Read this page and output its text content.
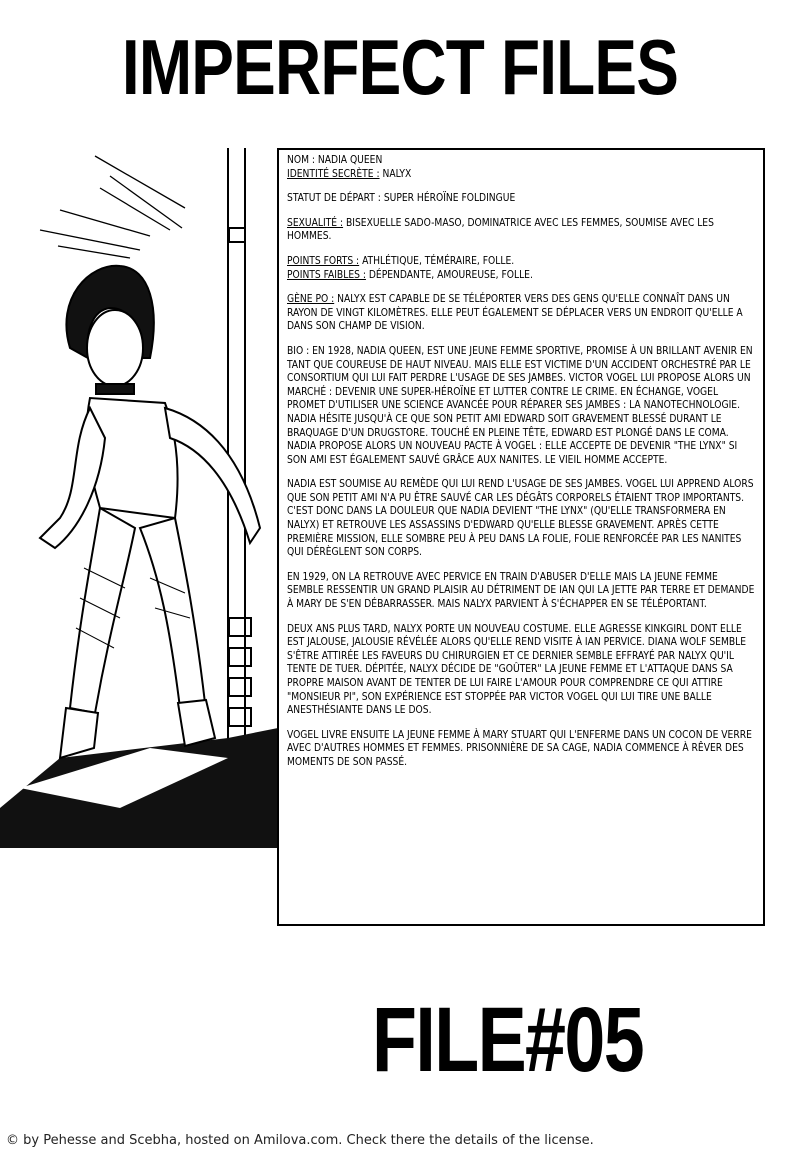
IMPERFECT FILES

NOM : NADIA QUEEN

IDENTITÉ SECRÈTE : NALYX

STATUT DE DÉPART : SUPER HÉROÏNE FOLDINGUE

SEXUALITÉ : BISEXUELLE SADO-MASO, DOMINATRICE AVEC LES FEMMES, SOUMISE AVEC LES HOMMES.

POINTS FORTS : ATHLÉTIQUE, TÉMÉRAIRE, FOLLE.

POINTS FAIBLES : DÉPENDANTE, AMOUREUSE, FOLLE.

GÈNE PO : NALYX EST CAPABLE DE SE TÉLÉPORTER VERS DES GENS QU'ELLE CONNAÎT DANS UN RAYON DE VINGT KILOMÈTRES. ELLE PEUT ÉGALEMENT SE DÉPLACER VERS UN ENDROIT QU'ELLE A DANS SON CHAMP DE VISION.

BIO : EN 1928, NADIA QUEEN, EST UNE JEUNE FEMME SPORTIVE, PROMISE À UN BRILLANT AVENIR EN TANT QUE COUREUSE DE HAUT NIVEAU. MAIS ELLE EST VICTIME D'UN ACCIDENT ORCHESTRÉ PAR LE CONSORTIUM QUI LUI FAIT PERDRE L'USAGE DE SES JAMBES. VICTOR VOGEL LUI PROPOSE ALORS UN MARCHÉ : DEVENIR UNE SUPER-HÉROÏNE ET LUTTER CONTRE LE CRIME. EN ÉCHANGE, VOGEL PROMET D'UTILISER UNE SCIENCE AVANCÉE POUR RÉPARER SES JAMBES : LA NANOTECHNOLOGIE. NADIA HÉSITE JUSQU'À CE QUE SON PETIT AMI EDWARD SOIT GRAVEMENT BLESSÉ DURANT LE BRAQUAGE D'UN DRUGSTORE. TOUCHÉ EN PLEINE TÊTE, EDWARD EST PLONGÉ DANS LE COMA. NADIA PROPOSE ALORS UN NOUVEAU PACTE À VOGEL : ELLE ACCEPTE DE DEVENIR "THE LYNX" SI SON AMI EST ÉGALEMENT SAUVÉ GRÂCE AUX NANITES. LE VIEIL HOMME ACCEPTE.

NADIA EST SOUMISE AU REMÈDE QUI LUI REND L'USAGE DE SES JAMBES. VOGEL LUI APPREND ALORS QUE SON PETIT AMI N'A PU ÊTRE SAUVÉ CAR LES DÉGÂTS CORPORELS ÉTAIENT TROP IMPORTANTS. C'EST DONC DANS LA DOULEUR QUE NADIA DEVIENT "THE LYNX" (QU'ELLE TRANSFORMERA EN NALYX) ET RETROUVE LES ASSASSINS D'EDWARD QU'ELLE BLESSE GRAVEMENT. APRÈS CETTE PREMIÈRE MISSION, ELLE SOMBRE PEU À PEU DANS LA FOLIE, FOLIE RENFORCÉE PAR LES NANITES QUI DÉRÈGLENT SON CORPS.

EN 1929, ON LA RETROUVE AVEC PERVICE EN TRAIN D'ABUSER D'ELLE MAIS LA JEUNE FEMME SEMBLE RESSENTIR UN GRAND PLAISIR AU DÉTRIMENT DE IAN QUI LA JETTE PAR TERRE ET DEMANDE À MARY DE S'EN DÉBARRASSER. MAIS NALYX PARVIENT À S'ÉCHAPPER EN SE TÉLÉPORTANT.

DEUX ANS PLUS TARD, NALYX PORTE UN NOUVEAU COSTUME. ELLE AGRESSE KINKGIRL DONT ELLE EST JALOUSE, JALOUSIE RÉVÉLÉE ALORS QU'ELLE REND VISITE À IAN PERVICE. DIANA WOLF SEMBLE S'ÊTRE ATTIRÉE LES FAVEURS DU CHIRURGIEN ET CE DERNIER SEMBLE EFFRAYÉ PAR NALYX QU'IL TENTE DE TUER. DÉPITÉE, NALYX DÉCIDE DE "GOÛTER" LA JEUNE FEMME ET L'ATTAQUE DANS SA PROPRE MAISON AVANT DE TENTER DE LUI FAIRE L'AMOUR POUR COMPRENDRE CE QUI ATTIRE "MONSIEUR PI", SON EXPÉRIENCE EST STOPPÉE PAR VICTOR VOGEL QUI LUI TIRE UNE BALLE ANESTHÉSIANTE DANS LE DOS.

VOGEL LIVRE ENSUITE LA JEUNE FEMME À MARY STUART QUI L'ENFERME DANS UN COCON DE VERRE AVEC D'AUTRES HOMMES ET FEMMES. PRISONNIÈRE DE SA CAGE, NADIA COMMENCE À RÊVER DES MOMENTS DE SON PASSÉ.

FILE#05
© by Pehesse and Scebha, hosted on Amilova.com. Check there the details of the license.
